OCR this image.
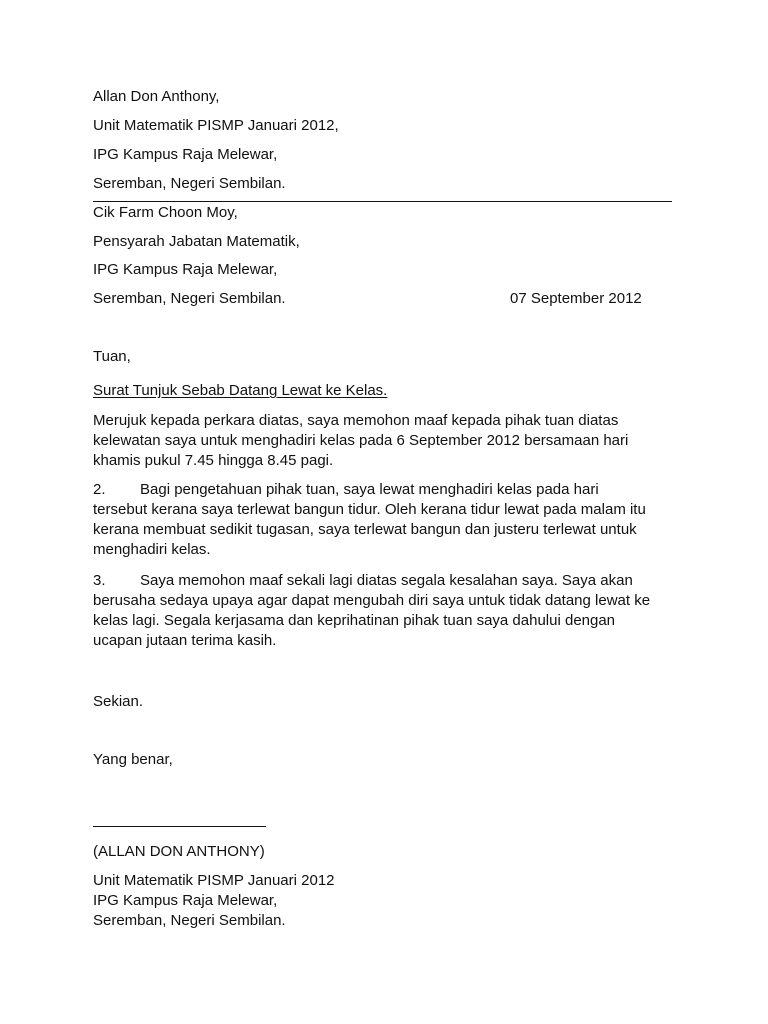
Allan Don Anthony,
Unit Matematik PISMP Januari 2012,
IPG Kampus Raja Melewar,
Seremban, Negeri Sembilan.
Cik Farm Choon Moy,
Pensyarah Jabatan Matematik,
IPG Kampus Raja Melewar,
Seremban, Negeri Sembilan.	07 September 2012
Tuan,
Surat Tunjuk Sebab Datang Lewat ke Kelas.
Merujuk kepada perkara diatas, saya memohon maaf kepada pihak tuan diatas
kelewatan saya untuk menghadiri kelas pada 6 September 2012 bersamaan hari
khamis pukul 7.45 hingga 8.45 pagi.
2. Bagi pengetahuan pihak tuan, saya lewat menghadiri kelas pada hari
tersebut kerana saya terlewat bangun tidur. Oleh kerana tidur lewat pada malam itu
kerana membuat sedikit tugasan, saya terlewat bangun dan justeru terlewat untuk
menghadiri kelas.
3. Saya memohon maaf sekali lagi diatas segala kesalahan saya. Saya akan
berusaha sedaya upaya agar dapat mengubah diri saya untuk tidak datang lewat ke
kelas lagi. Segala kerjasama dan keprihatinan pihak tuan saya dahului dengan
ucapan jutaan terima kasih.
Sekian.
Yang benar,
(ALLAN DON ANTHONY)
Unit Matematik PISMP Januari 2012
IPG Kampus Raja Melewar,
Seremban, Negeri Sembilan.
